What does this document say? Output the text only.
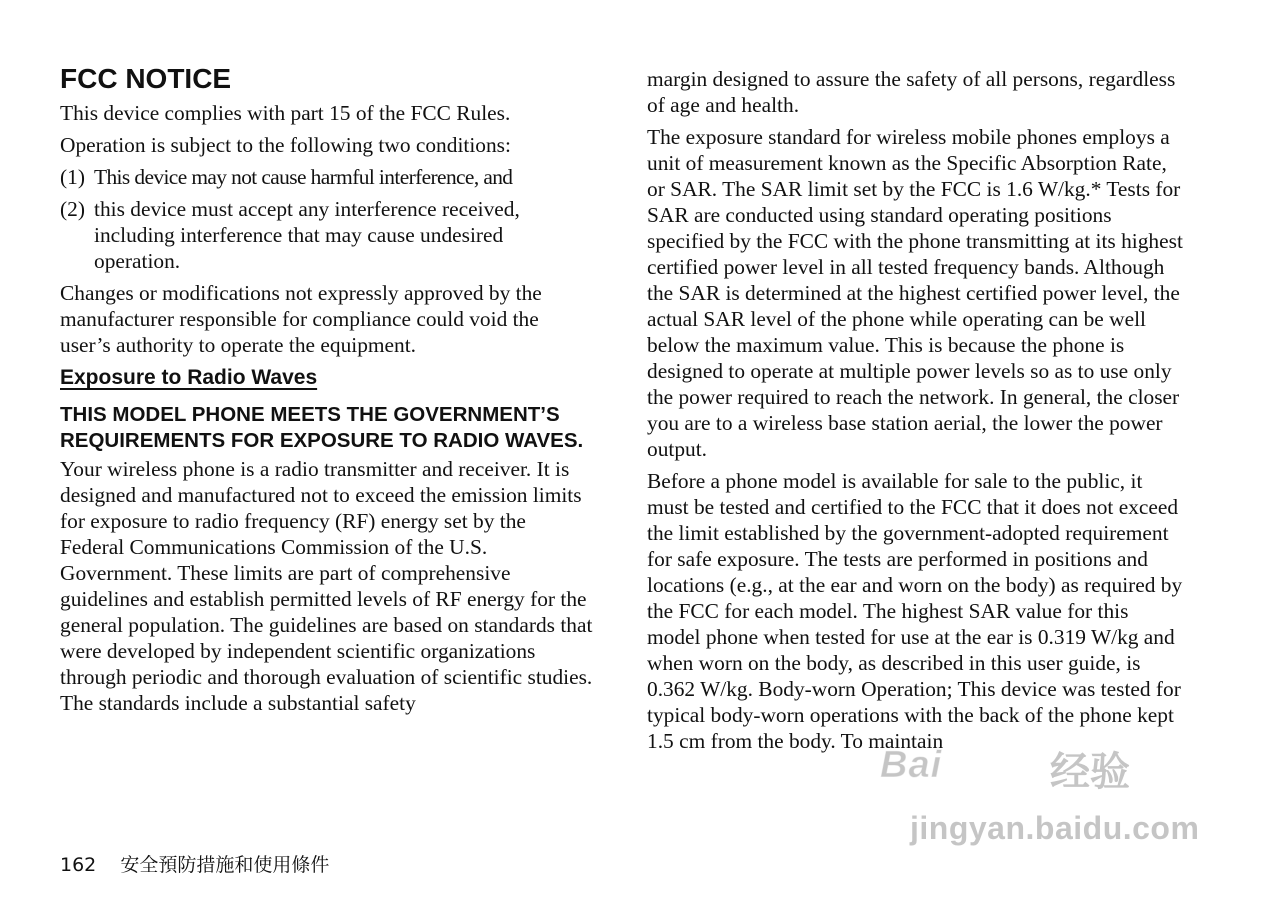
FCC NOTICE

This device complies with part 15 of the FCC Rules.

Operation is subject to the following two conditions:

(1) This device may not cause harmful interference, and
(2) this device must accept any interference received, including interference that may cause undesired operation.

Changes or modifications not expressly approved by the manufacturer responsible for compliance could void the user’s authority to operate the equipment.

Exposure to Radio Waves
THIS MODEL PHONE MEETS THE GOVERNMENT’S REQUIREMENTS FOR EXPOSURE TO RADIO WAVES.

Your wireless phone is a radio transmitter and receiver. It is designed and manufactured not to exceed the emission limits for exposure to radio frequency (RF) energy set by the Federal Communications Commission of the U.S. Government. These limits are part of comprehensive guidelines and establish permitted levels of RF energy for the general population. The guidelines are based on standards that were developed by independent scientific organizations through periodic and thorough evaluation of scientific studies. The standards include a substantial safety

margin designed to assure the safety of all persons, regardless of age and health.

The exposure standard for wireless mobile phones employs a unit of measurement known as the Specific Absorption Rate, or SAR. The SAR limit set by the FCC is 1.6 W/kg.* Tests for SAR are conducted using standard operating positions specified by the FCC with the phone transmitting at its highest certified power level in all tested frequency bands. Although the SAR is determined at the highest certified power level, the actual SAR level of the phone while operating can be well below the maximum value. This is because the phone is designed to operate at multiple power levels so as to use only the power required to reach the network. In general, the closer you are to a wireless base station aerial, the lower the power output.

Before a phone model is available for sale to the public, it must be tested and certified to the FCC that it does not exceed the limit established by the government-adopted requirement for safe exposure. The tests are performed in positions and locations (e.g., at the ear and worn on the body) as required by the FCC for each model. The highest SAR value for this model phone when tested for use at the ear is 0.319 W/kg and when worn on the body, as described in this user guide, is 0.362 W/kg. Body-worn Operation; This device was tested for typical body-worn operations with the back of the phone kept 1.5 cm from the body. To maintain

162 安全預防措施和使用條件
Bai	经验
jingyan.baidu.com
